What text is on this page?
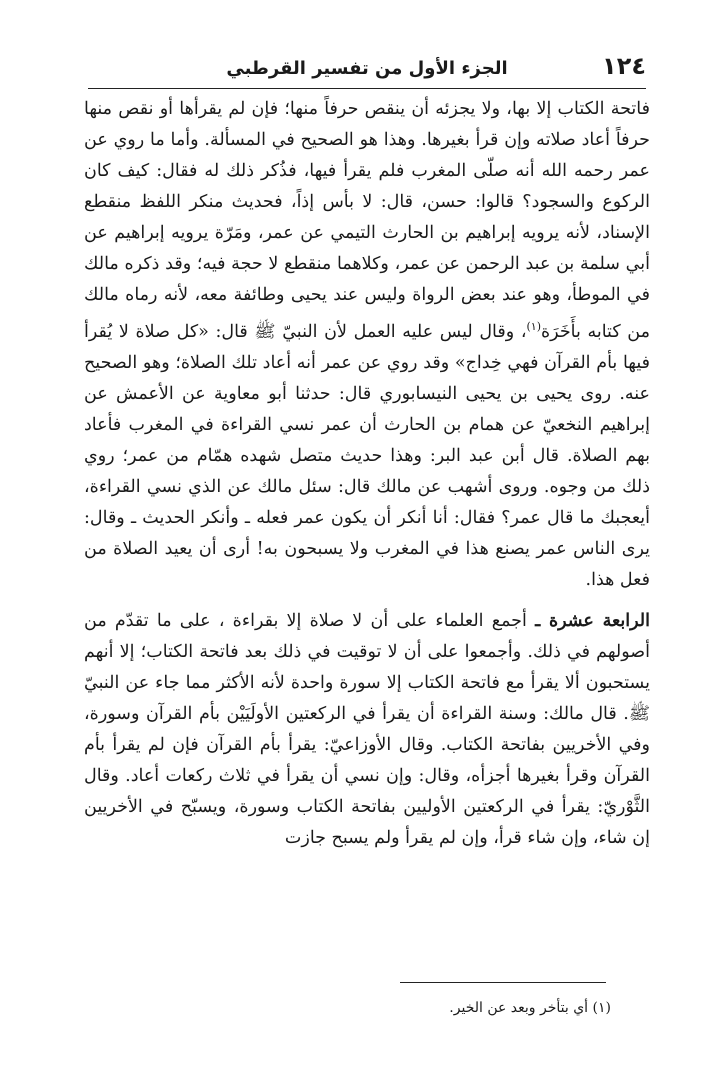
١٢٤
الجزء الأول من تفسير القرطبي

فاتحة الكتاب إلا بها، ولا يجزئه أن ينقص حرفاً منها؛ فإن لم يقرأها أو نقص منها حرفاً أعاد صلاته وإن قرأ بغيرها. وهذا هو الصحيح في المسألة. وأما ما روي عن عمر رحمه الله أنه صلّى المغرب فلم يقرأ فيها، فذُكر ذلك له فقال: كيف كان الركوع والسجود؟ قالوا: حسن، قال: لا بأس إذاً، فحديث منكر اللفظ منقطع الإسناد، لأنه يرويه إبراهيم بن الحارث التيمي عن عمر، ومَرّة يرويه إبراهيم عن أبي سلمة بن عبد الرحمن عن عمر، وكلاهما منقطع لا حجة فيه؛ وقد ذكره مالك في الموطأ، وهو عند بعض الرواة وليس عند يحيى وطائفة معه، لأنه رماه مالك من كتابه بأَخَرَة$^{(١)}$، وقال ليس عليه العمل لأن النبيّ ﷺ قال: «كل صلاة لا يُقرأ فيها بأم القرآن فهي خِداج» وقد روي عن عمر أنه أعاد تلك الصلاة؛ وهو الصحيح عنه. روى يحيى بن يحيى النيسابوري قال: حدثنا أبو معاوية عن الأعمش عن إبراهيم النخعيّ عن همام بن الحارث أن عمر نسي القراءة في المغرب فأعاد بهم الصلاة. قال أبن عبد البر: وهذا حديث متصل شهده همّام من عمر؛ روي ذلك من وجوه. وروى أشهب عن مالك قال: سئل مالك عن الذي نسي القراءة، أيعجبك ما قال عمر؟ فقال: أنا أنكر أن يكون عمر فعله ـ وأنكر الحديث ـ وقال: يرى الناس عمر يصنع هذا في المغرب ولا يسبحون به! أرى أن يعيد الصلاة من فعل هذا.

الرابعة عشرة ـ أجمع العلماء على أن لا صلاة إلا بقراءة ، على ما تقدّم من أصولهم في ذلك. وأجمعوا على أن لا توقيت في ذلك بعد فاتحة الكتاب؛ إلا أنهم يستحبون ألا يقرأ مع فاتحة الكتاب إلا سورة واحدة لأنه الأكثر مما جاء عن النبيّ ﷺ. قال مالك: وسنة القراءة أن يقرأ في الركعتين الأولَيَيْن بأم القرآن وسورة، وفي الأخريين بفاتحة الكتاب. وقال الأوزاعيّ: يقرأ بأم القرآن فإن لم يقرأ بأم القرآن وقرأ بغيرها أجزأه، وقال: وإن نسي أن يقرأ في ثلاث ركعات أعاد. وقال الثَّوْريّ: يقرأ في الركعتين الأوليين بفاتحة الكتاب وسورة، ويسبّح في الأخريين إن شاء، وإن شاء قرأ، وإن لم يقرأ ولم يسبح جازت

(١) أي بتأخر وبعد عن الخير.
